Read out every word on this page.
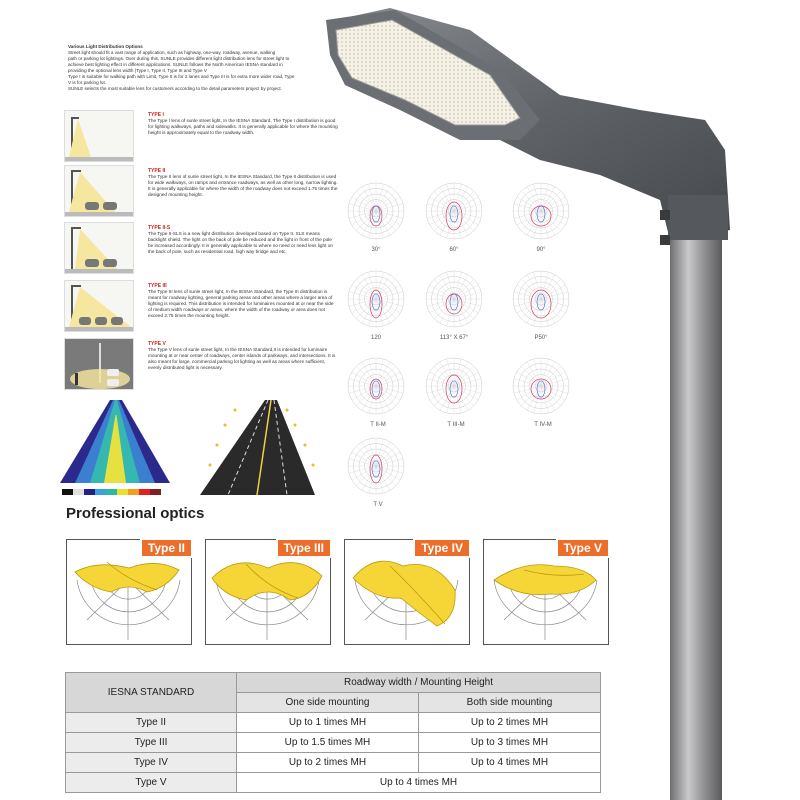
Various Light Distribution Options
Street light should fit a vast range of application, such as highway, one-way, roadway, avenue, walking
path or parking lot lightings. Over during this, SUNLE provides different light distribution lens for street light to
achieve best lighting effect in different applications. SUNLE follows the North American IESNA standard in
providing the optional lens width (Type I, Type II, Type III and Type V
Type I is suitable for walking path with Limit, Type II is for 2 lanes and Type III is for extra more wider road, Type
V is for parking lot.
SUNLE selects the most suitable lens for customers according to the detail parameters project by project.
TYPE I
The Type I lens of sunle street light, In the IESNA Standard, The Type I distribution is good for lighting walkways, paths and sidewalks. It is generally applicable for where the mounting height is approximately equal to the roadway width.
TYPE II
The Type II lens of sunle street light, In the IESNA Standard, the Type II distribution is used for wide walkways, on ramps and entrance roadways, as well as other long, narrow lighting. It is generally applicable for where the width of the roadway does not exceed 1.75 times the designed mounting height.
TYPE II-S
The Type II-SLS is a new light distribution developed based on Type II. SLS means backlight shield. The light on the back of pole be reduced and the light in front of the pole be increased accordingly. It is generally applicable to where no need or need less light on the back of pole, such as residential road, high way bridge and etc.
TYPE III
The Type III lens of sunle street light, In the IESNA Standard, the Type III distribution is meant for roadway lighting, general parking areas and other areas where a larger area of lighting is required. This distribution is intended for luminaires mounted at or near the side of medium width roadways or areas, where the width of the roadway or area does not exceed 2.75 times the mounting height.
TYPE V
The Type V lens of sunle street light, In the IESNA Standard,It is intended for luminaire mounting at or near center of roadways, center islands of parkways, and intersections. It is also meant for large, commercial parking lot lighting as well as areas where sufficient, evenly distributed light is necessary.
30°	60°	90°
120	113° X 67°	P50°
T II-M	T III-M	T IV-M
T V
Professional optics
Type II	Type III	Type IV	Type V
IESNA STANDARD	Roadway width / Mounting Height	
	One side mounting	Both side mounting
Type II	Up to 1 times MH	Up to 2 times MH
Type III	Up to 1.5 times MH	Up to 3 times MH
Type IV	Up to 2 times MH	Up to 4 times MH
Type V	Up to 4 times MH	
